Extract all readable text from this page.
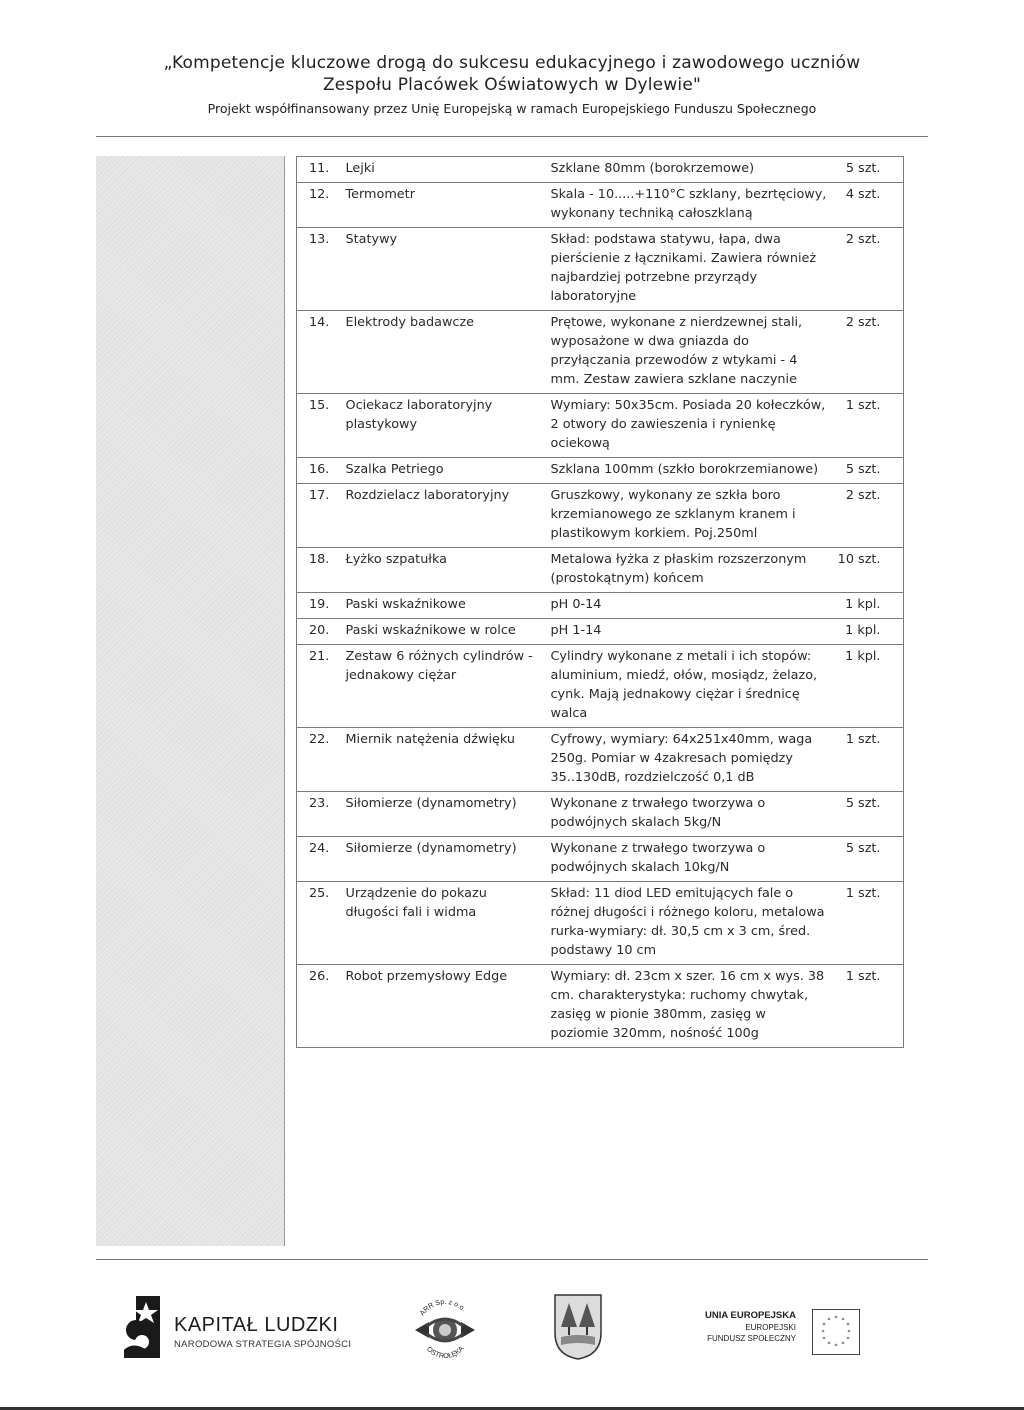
„Kompetencje kluczowe drogą do sukcesu edukacyjnego i zawodowego uczniów
Zespołu Placówek Oświatowych w Dylewie"
Projekt współfinansowany przez Unię Europejską w ramach Europejskiego Funduszu Społecznego
11.	Lejki	Szklane 80mm (borokrzemowe)	5 szt.	
12.	Termometr	Skala - 10.....+110°C szklany, bezrtęciowy, wykonany techniką całoszklaną	4 szt.	
13.	Statywy	Skład: podstawa statywu, łapa, dwa pierścienie z łącznikami. Zawiera również najbardziej potrzebne przyrządy laboratoryjne	2 szt.	
14.	Elektrody badawcze	Prętowe, wykonane z nierdzewnej stali, wyposażone w dwa gniazda do przyłączania przewodów z wtykami - 4 mm. Zestaw zawiera szklane naczynie	2 szt.	
15.	Ociekacz laboratoryjny plastykowy	Wymiary: 50x35cm. Posiada 20 kołeczków, 2 otwory do zawieszenia i rynienkę ociekową	1 szt.	
16.	Szalka Petriego	Szklana 100mm (szkło borokrzemianowe)	5 szt.	
17.	Rozdzielacz laboratoryjny	Gruszkowy, wykonany ze szkła boro krzemianowego ze szklanym kranem i plastikowym korkiem. Poj.250ml	2 szt.	
18.	Łyżko szpatułka	Metalowa łyżka z płaskim rozszerzonym (prostokątnym) końcem	10 szt.	
19.	Paski wskaźnikowe	pH 0-14	1 kpl.	
20.	Paski wskaźnikowe w rolce	pH 1-14	1 kpl.	
21.	Zestaw 6 różnych cylindrów - jednakowy ciężar	Cylindry wykonane z metali i ich stopów: aluminium, miedź, ołów, mosiądz, żelazo, cynk. Mają jednakowy ciężar i średnicę walca	1 kpl.	
22.	Miernik natężenia dźwięku	Cyfrowy, wymiary: 64x251x40mm, waga 250g. Pomiar w 4zakresach pomiędzy 35..130dB, rozdzielczość 0,1 dB	1 szt.	
23.	Siłomierze (dynamometry)	Wykonane z trwałego tworzywa o podwójnych skalach 5kg/N	5 szt.	
24.	Siłomierze (dynamometry)	Wykonane z trwałego tworzywa o podwójnych skalach 10kg/N	5 szt.	
25.	Urządzenie do pokazu długości fali i widma	Skład: 11 diod LED emitujących fale o różnej długości i różnego koloru, metalowa rurka-wymiary: dł. 30,5 cm x 3 cm, śred. podstawy 10 cm	1 szt.	
26.	Robot przemysłowy Edge	Wymiary: dł. 23cm x szer. 16 cm x wys. 38 cm. charakterystyka: ruchomy chwytak, zasięg w pionie 380mm, zasięg w poziomie 320mm, nośność 100g	1 szt.	
KAPITAŁ LUDZKI
NARODOWA STRATEGIA SPÓJNOŚCI
ARR Sp. z o.o.
OSTROŁĘKA
UNIA EUROPEJSKA
EUROPEJSKI
FUNDUSZ SPOŁECZNY
* *
*
*
*
*
*
*
*
*
*
*
